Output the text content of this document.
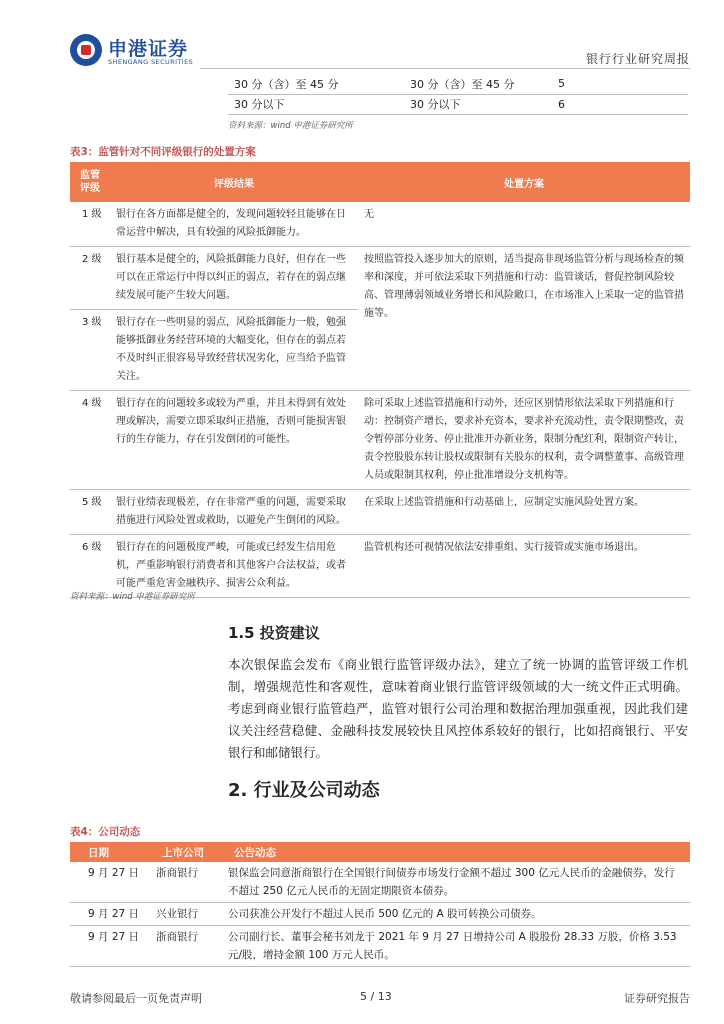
申港证券
SHENGANG SECURITIES	银行行业研究周报
30 分（含）至 45 分	30 分（含）至 45 分	5
30 分以下	30 分以下	6
资料来源：wind 申港证券研究所
表3：监管针对不同评级银行的处置方案
监管评级	评级结果	处置方案
1 级	银行在各方面都是健全的，发现问题较轻且能够在日常运营中解决，具有较强的风险抵御能力。	无
2 级	银行基本是健全的，风险抵御能力良好，但存在一些可以在正常运行中得以纠正的弱点，若存在的弱点继续发展可能产生较大问题。	按照监管投入逐步加大的原则，适当提高非现场监管分析与现场检查的频率和深度，并可依法采取下列措施和行动：监管谈话，督促控制风险较高、管理薄弱领域业务增长和风险敞口，在市场准入上采取一定的监管措施等。
3 级	银行存在一些明显的弱点，风险抵御能力一般，勉强能够抵御业务经营环境的大幅变化，但存在的弱点若不及时纠正很容易导致经营状况劣化，应当给予监管关注。	
4 级	银行存在的问题较多或较为严重，并且未得到有效处理或解决，需要立即采取纠正措施，否则可能损害银行的生存能力，存在引发倒闭的可能性。	除可采取上述监管措施和行动外，还应区别情形依法采取下列措施和行动：控制资产增长，要求补充资本，要求补充流动性，责令限期整改，责令暂停部分业务、停止批准开办新业务，限制分配红利，限制资产转让，责令控股股东转让股权或限制有关股东的权利，责令调整董事、高级管理人员或限制其权利，停止批准增设分支机构等。
5 级	银行业绩表现极差，存在非常严重的问题，需要采取措施进行风险处置或救助，以避免产生倒闭的风险。	在采取上述监管措施和行动基础上，应制定实施风险处置方案。
6 级	银行存在的问题极度严峻，可能或已经发生信用危机，严重影响银行消费者和其他客户合法权益，或者可能严重危害金融秩序、损害公众利益。	监管机构还可视情况依法安排重组、实行接管或实施市场退出。
资料来源：wind 申港证券研究所
1.5 投资建议
本次银保监会发布《商业银行监管评级办法》，建立了统一协调的监管评级工作机制，增强规范性和客观性，意味着商业银行监管评级领域的大一统文件正式明确。考虑到商业银行监管趋严，监管对银行公司治理和数据治理加强重视，因此我们建议关注经营稳健、金融科技发展较快且风控体系较好的银行，比如招商银行、平安银行和邮储银行。
2. 行业及公司动态
表4：公司动态
日期	上市公司	公告动态
9 月 27 日	浙商银行	银保监会同意浙商银行在全国银行间债券市场发行金额不超过 300 亿元人民币的金融债券，发行不超过 250 亿元人民币的无固定期限资本债券。
9 月 27 日	兴业银行	公司获准公开发行不超过人民币 500 亿元的 A 股可转换公司债券。
9 月 27 日	浙商银行	公司副行长、董事会秘书刘龙于 2021 年 9 月 27 日增持公司 A 股股份 28.33 万股，价格 3.53 元/股，增持金额 100 万元人民币。
敬请参阅最后一页免责声明	5 / 13	证券研究报告
